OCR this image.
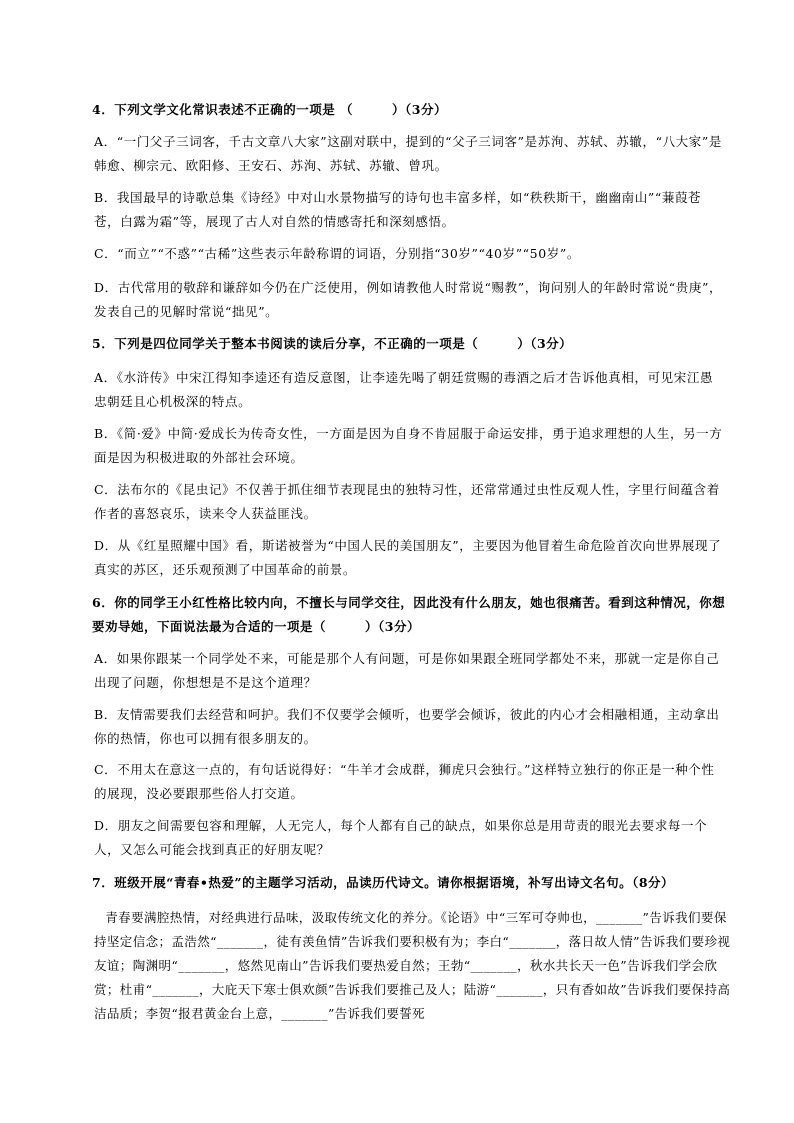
4．下列文学文化常识表述不正确的一项是 （　　　）（3分）
A．“一门父子三词客，千古文章八大家”这副对联中，提到的“父子三词客”是苏洵、苏轼、苏辙，“八大家”是韩愈、柳宗元、欧阳修、王安石、苏洵、苏轼、苏辙、曾巩。
B．我国最早的诗歌总集《诗经》中对山水景物描写的诗句也丰富多样，如“秩秩斯干，幽幽南山”“蒹葭苍苍，白露为霜”等，展现了古人对自然的情感寄托和深刻感悟。
C．“而立”“不惑”“古稀”这些表示年龄称谓的词语，分别指“30岁”“40岁”“50岁”。
D．古代常用的敬辞和谦辞如今仍在广泛使用，例如请教他人时常说“赐教”，询问别人的年龄时常说“贵庚”，发表自己的见解时常说“拙见”。
5．下列是四位同学关于整本书阅读的读后分享，不正确的一项是（　　　）（3分）
A．《水浒传》中宋江得知李逵还有造反意图，让李逵先喝了朝廷赏赐的毒酒之后才告诉他真相，可见宋江愚忠朝廷且心机极深的特点。
B．《简·爱》中简·爱成长为传奇女性，一方面是因为自身不肯屈服于命运安排，勇于追求理想的人生，另一方面是因为积极进取的外部社会环境。
C．法布尔的《昆虫记》不仅善于抓住细节表现昆虫的独特习性，还常常通过虫性反观人性，字里行间蕴含着作者的喜怒哀乐，读来令人获益匪浅。
D．从《红星照耀中国》看，斯诺被誉为“中国人民的美国朋友”，主要因为他冒着生命危险首次向世界展现了真实的苏区，还乐观预测了中国革命的前景。
6．你的同学王小红性格比较内向，不擅长与同学交往，因此没有什么朋友，她也很痛苦。看到这种情况，你想要劝导她，下面说法最为合适的一项是（　　　）（3分）
A．如果你跟某一个同学处不来，可能是那个人有问题，可是你如果跟全班同学都处不来，那就一定是你自己出现了问题，你想想是不是这个道理？
B．友情需要我们去经营和呵护。我们不仅要学会倾听，也要学会倾诉，彼此的内心才会相融相通，主动拿出你的热情，你也可以拥有很多朋友的。
C．不用太在意这一点的，有句话说得好：“牛羊才会成群，狮虎只会独行。”这样特立独行的你正是一种个性的展现，没必要跟那些俗人打交道。
D．朋友之间需要包容和理解，人无完人，每个人都有自己的缺点，如果你总是用苛责的眼光去要求每一个人，又怎么可能会找到真正的好朋友呢？
7．班级开展“青春•热爱”的主题学习活动，品读历代诗文。请你根据语境，补写出诗文名句。（8分）
青春要满腔热情，对经典进行品味，汲取传统文化的养分。《论语》中“三军可夺帅也，_______”告诉我们要保持坚定信念；孟浩然“_______，徒有羡鱼情”告诉我们要积极有为；李白“_______，落日故人情”告诉我们要珍视友谊；陶渊明“_______，悠然见南山”告诉我们要热爱自然；王勃“_______，秋水共长天一色”告诉我们学会欣赏；杜甫“_______，大庇天下寒士俱欢颜”告诉我们要推己及人；陆游“_______，只有香如故”告诉我们要保持高洁品质；李贺“报君黄金台上意，_______”告诉我们要誓死
